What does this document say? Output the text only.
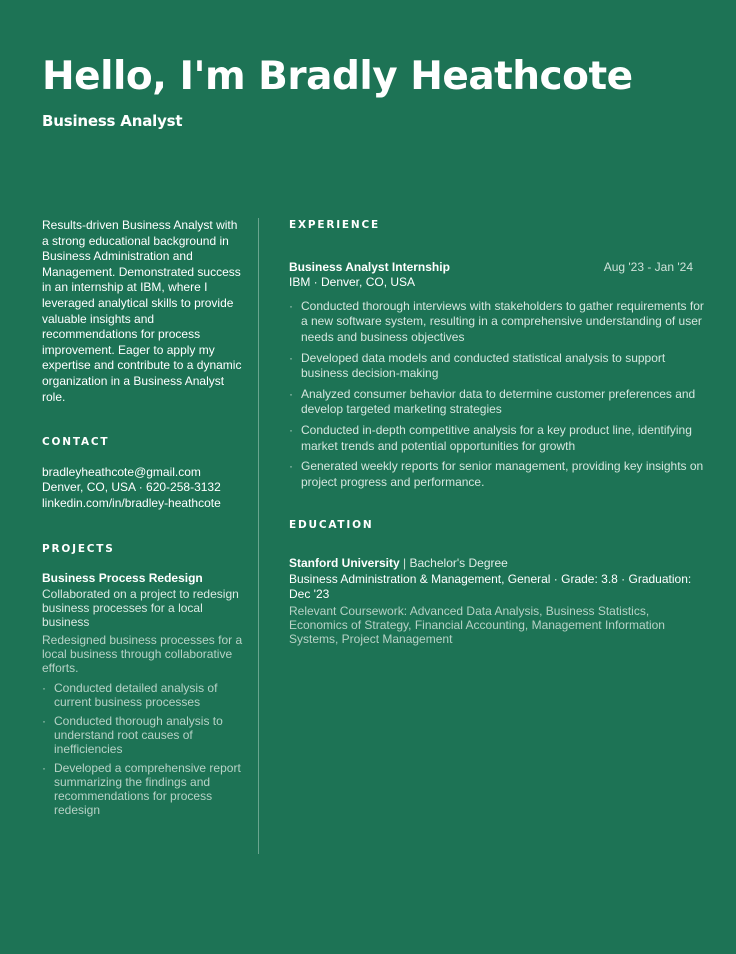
Hello, I'm Bradly Heathcote
Business Analyst
Results-driven Business Analyst with a strong educational background in Business Administration and Management. Demonstrated success in an internship at IBM, where I leveraged analytical skills to provide valuable insights and recommendations for process improvement. Eager to apply my expertise and contribute to a dynamic organization in a Business Analyst role.
CONTACT
bradleyheathcote@gmail.com
Denver, CO, USA · 620-258-3132
linkedin.com/in/bradley-heathcote
PROJECTS
Business Process Redesign
Collaborated on a project to redesign business processes for a local business
Redesigned business processes for a local business through collaborative efforts.
· Conducted detailed analysis of current business processes
· Conducted thorough analysis to understand root causes of inefficiencies
· Developed a comprehensive report summarizing the findings and recommendations for process redesign
EXPERIENCE
Business Analyst Internship	Aug '23 - Jan '24
IBM · Denver, CO, USA
· Conducted thorough interviews with stakeholders to gather requirements for a new software system, resulting in a comprehensive understanding of user needs and business objectives
· Developed data models and conducted statistical analysis to support business decision-making
· Analyzed consumer behavior data to determine customer preferences and develop targeted marketing strategies
· Conducted in-depth competitive analysis for a key product line, identifying market trends and potential opportunities for growth
· Generated weekly reports for senior management, providing key insights on project progress and performance.
EDUCATION
Stanford University | Bachelor's Degree
Business Administration & Management, General · Grade: 3.8 · Graduation: Dec '23
Relevant Coursework: Advanced Data Analysis, Business Statistics, Economics of Strategy, Financial Accounting, Management Information Systems, Project Management
